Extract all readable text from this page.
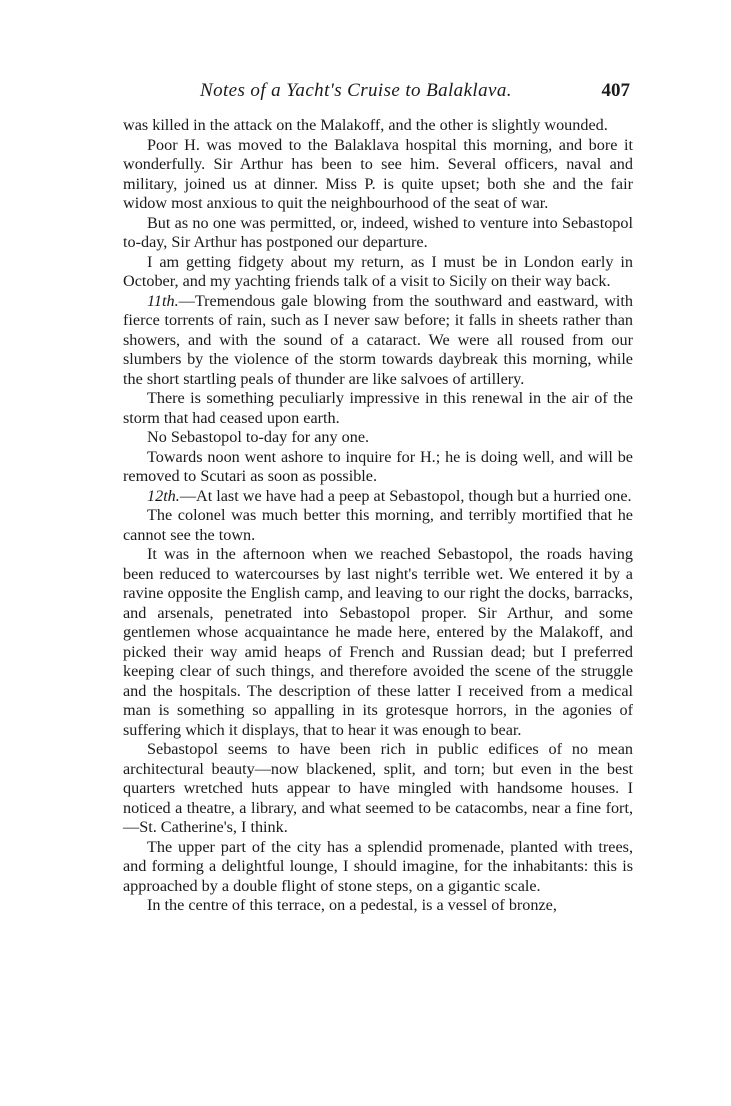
Notes of a Yacht's Cruise to Balaklava.	407

was killed in the attack on the Malakoff, and the other is slightly wounded.

Poor H. was moved to the Balaklava hospital this morning, and bore it wonderfully. Sir Arthur has been to see him. Several officers, naval and military, joined us at dinner. Miss P. is quite upset; both she and the fair widow most anxious to quit the neighbourhood of the seat of war.

But as no one was permitted, or, indeed, wished to venture into Sebastopol to-day, Sir Arthur has postponed our departure.

I am getting fidgety about my return, as I must be in London early in October, and my yachting friends talk of a visit to Sicily on their way back.

11th.—Tremendous gale blowing from the southward and eastward, with fierce torrents of rain, such as I never saw before; it falls in sheets rather than showers, and with the sound of a cataract. We were all roused from our slumbers by the violence of the storm towards daybreak this morning, while the short startling peals of thunder are like salvoes of artillery.

There is something peculiarly impressive in this renewal in the air of the storm that had ceased upon earth.

No Sebastopol to-day for any one.

Towards noon went ashore to inquire for H.; he is doing well, and will be removed to Scutari as soon as possible.

12th.—At last we have had a peep at Sebastopol, though but a hurried one.

The colonel was much better this morning, and terribly mortified that he cannot see the town.

It was in the afternoon when we reached Sebastopol, the roads having been reduced to watercourses by last night's terrible wet. We entered it by a ravine opposite the English camp, and leaving to our right the docks, barracks, and arsenals, penetrated into Sebastopol proper. Sir Arthur, and some gentlemen whose acquaintance he made here, entered by the Malakoff, and picked their way amid heaps of French and Russian dead; but I preferred keeping clear of such things, and therefore avoided the scene of the struggle and the hospitals. The description of these latter I received from a medical man is something so appalling in its grotesque horrors, in the agonies of suffering which it displays, that to hear it was enough to bear.

Sebastopol seems to have been rich in public edifices of no mean architectural beauty—now blackened, split, and torn; but even in the best quarters wretched huts appear to have mingled with handsome houses. I noticed a theatre, a library, and what seemed to be catacombs, near a fine fort,—St. Catherine's, I think.

The upper part of the city has a splendid promenade, planted with trees, and forming a delightful lounge, I should imagine, for the inhabitants: this is approached by a double flight of stone steps, on a gigantic scale.

In the centre of this terrace, on a pedestal, is a vessel of bronze,
